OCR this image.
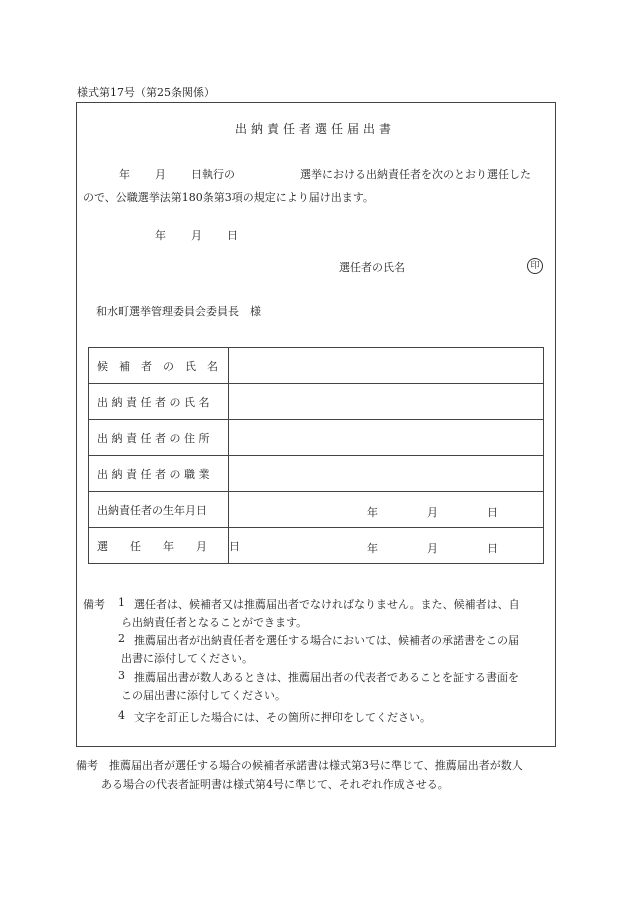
様式第17号（第25条関係）
出納責任者選任届出書
年 月 日執行の	選挙における出納責任者を次のとおり選任した
ので、公職選挙法第180条第3項の規定により届け出ます。
年 月 日
選任者の氏名	印
和水町選挙管理委員会委員長　様
候　補　者　の　氏　名	
出 納 責 任 者 の 氏 名	
出 納 責 任 者 の 住 所	
出 納 責 任 者 の 職 業	
出納責任者の生年月日	年 月 日

選　　任　　年　　月　　日	年 月 日
備考 1 選任者は、候補者又は推薦届出者でなければなりません。また、候補者は、自
ら出納責任者となることができます。
2 推薦届出者が出納責任者を選任する場合においては、候補者の承諾書をこの届
出書に添付してください。
3 推薦届出書が数人あるときは、推薦届出者の代表者であることを証する書面を
この届出書に添付してください。
4 文字を訂正した場合には、その箇所に押印をしてください。
備考　推薦届出者が選任する場合の候補者承諾書は様式第3号に準じて、推薦届出者が数人
ある場合の代表者証明書は様式第4号に準じて、それぞれ作成させる。
